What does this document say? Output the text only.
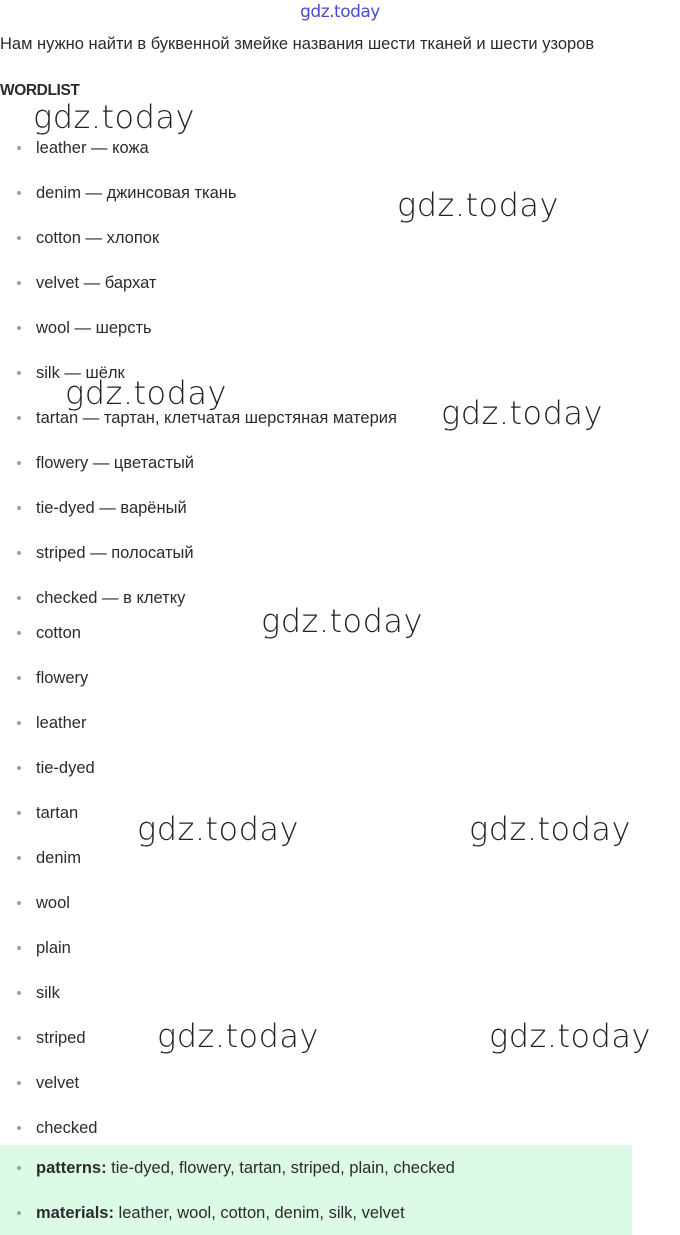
gdz.today
Нам нужно найти в буквенной змейке названия шести тканей и шести узоров
WORDLIST
leather — кожа
denim — джинсовая ткань
cotton — хлопок
velvet — бархат
wool — шерсть
silk — шёлк
tartan — тартан, клетчатая шерстяная материя
flowery — цветастый
tie-dyed — варёный
striped — полосатый
checked — в клетку
cotton
flowery
leather
tie-dyed
tartan
denim
wool
plain
silk
striped
velvet
checked
patterns: tie-dyed, flowery, tartan, striped, plain, checked
materials: leather, wool, cotton, denim, silk, velvet
gdz.today
gdz.today
gdz.today
gdz.today
gdz.today
gdz.today	gdz.today
gdz.today	gdz.today
